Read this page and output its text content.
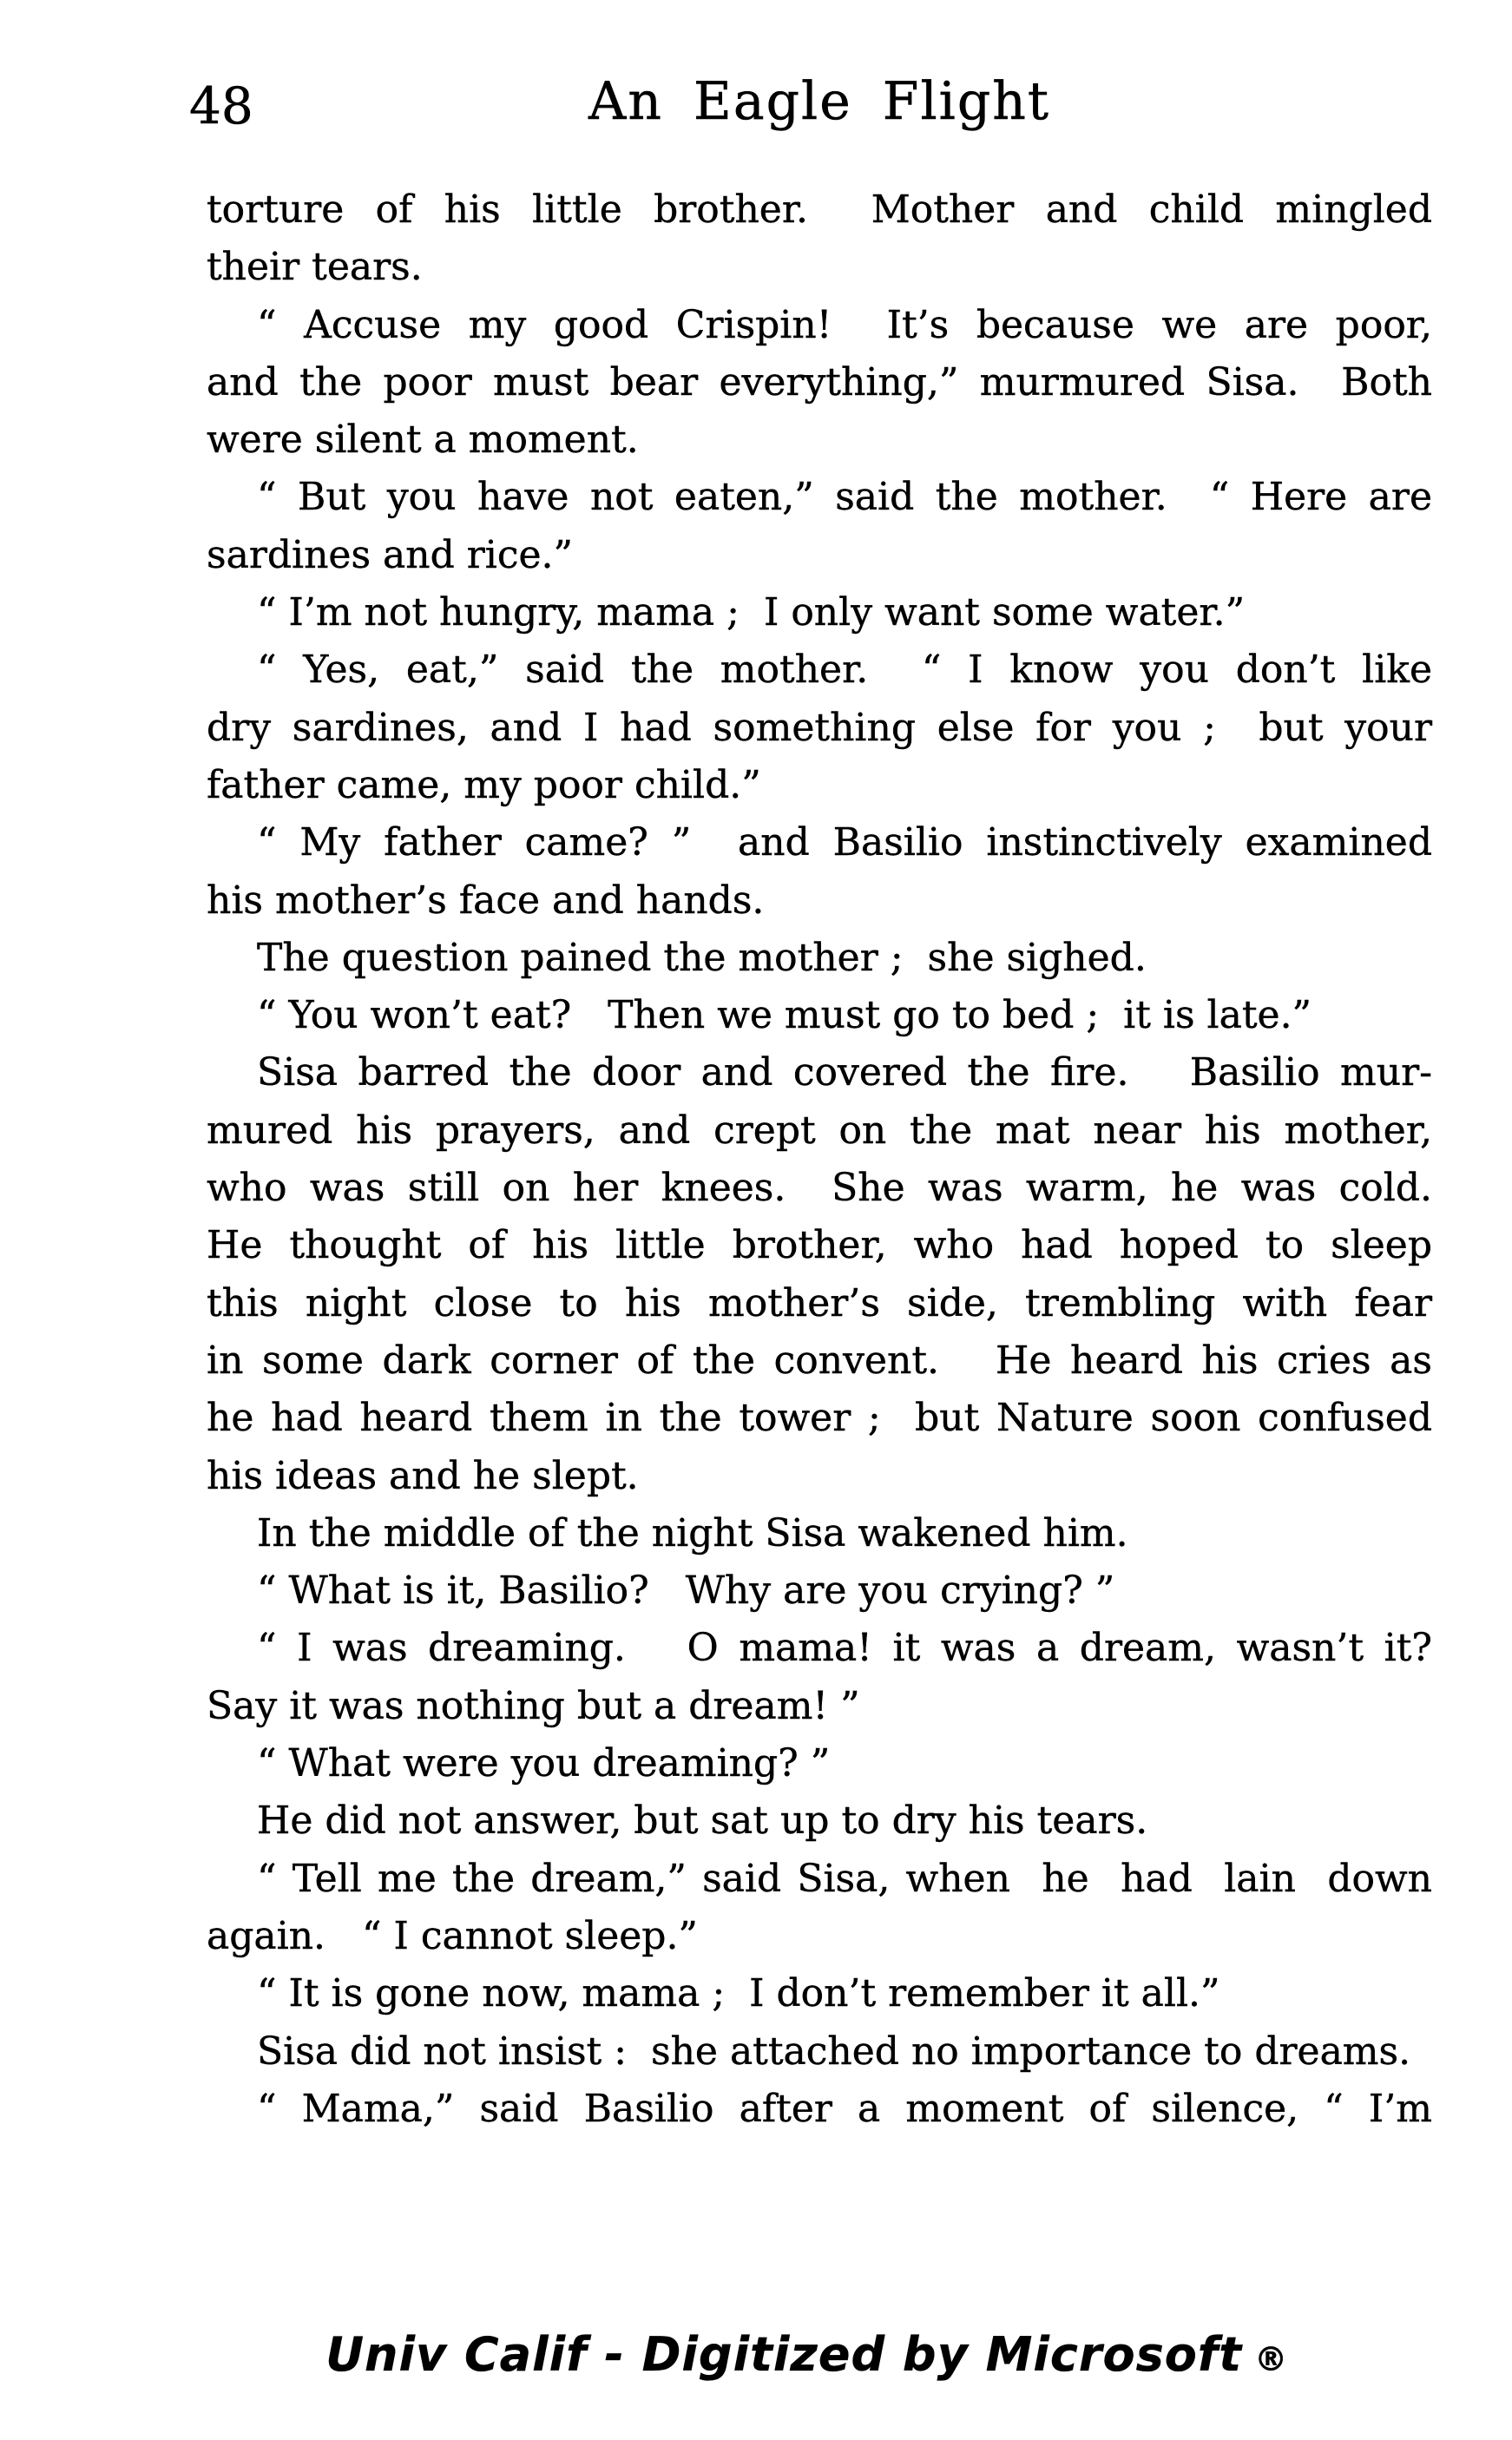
48	An Eagle Flight
torture of his little brother.  Mother and child mingled
their tears.
“ Accuse my good Crispin!  It’s because we are poor,
and the poor must bear everything,” murmured Sisa.  Both
were silent a moment.
“ But you have not eaten,” said the mother.  “ Here are
sardines and rice.”
“ I’m not hungry, mama ;  I only want some water.”
“ Yes, eat,” said the mother.  “ I know you don’t like
dry sardines, and I had something else for you ;  but your
father came, my poor child.”
“ My father came? ”  and Basilio instinctively examined
his mother’s face and hands.
The question pained the mother ;  she sighed.
“ You won’t eat?   Then we must go to bed ;  it is late.”
Sisa barred the door and covered the fire.   Basilio mur-
mured his prayers, and crept on the mat near his mother,
who was still on her knees.  She was warm, he was cold.
He thought of his little brother, who had hoped to sleep
this night close to his mother’s side, trembling with fear
in some dark corner of the convent.   He heard his cries as
he had heard them in the tower ;  but Nature soon confused
his ideas and he slept.
In the middle of the night Sisa wakened him.
“ What is it, Basilio?   Why are you crying? ”
“ I was dreaming.   O mama! it was a dream, wasn’t it?
Say it was nothing but a dream! ”
“ What were you dreaming? ”
He did not answer, but sat up to dry his tears.
“ Tell me the dream,” said Sisa, when  he  had  lain  down
again.   “ I cannot sleep.”
“ It is gone now, mama ;  I don’t remember it all.”
Sisa did not insist :  she attached no importance to dreams.
“ Mama,” said Basilio after a moment of silence, “ I’m

Univ Calif - Digitized by Microsoft ®
